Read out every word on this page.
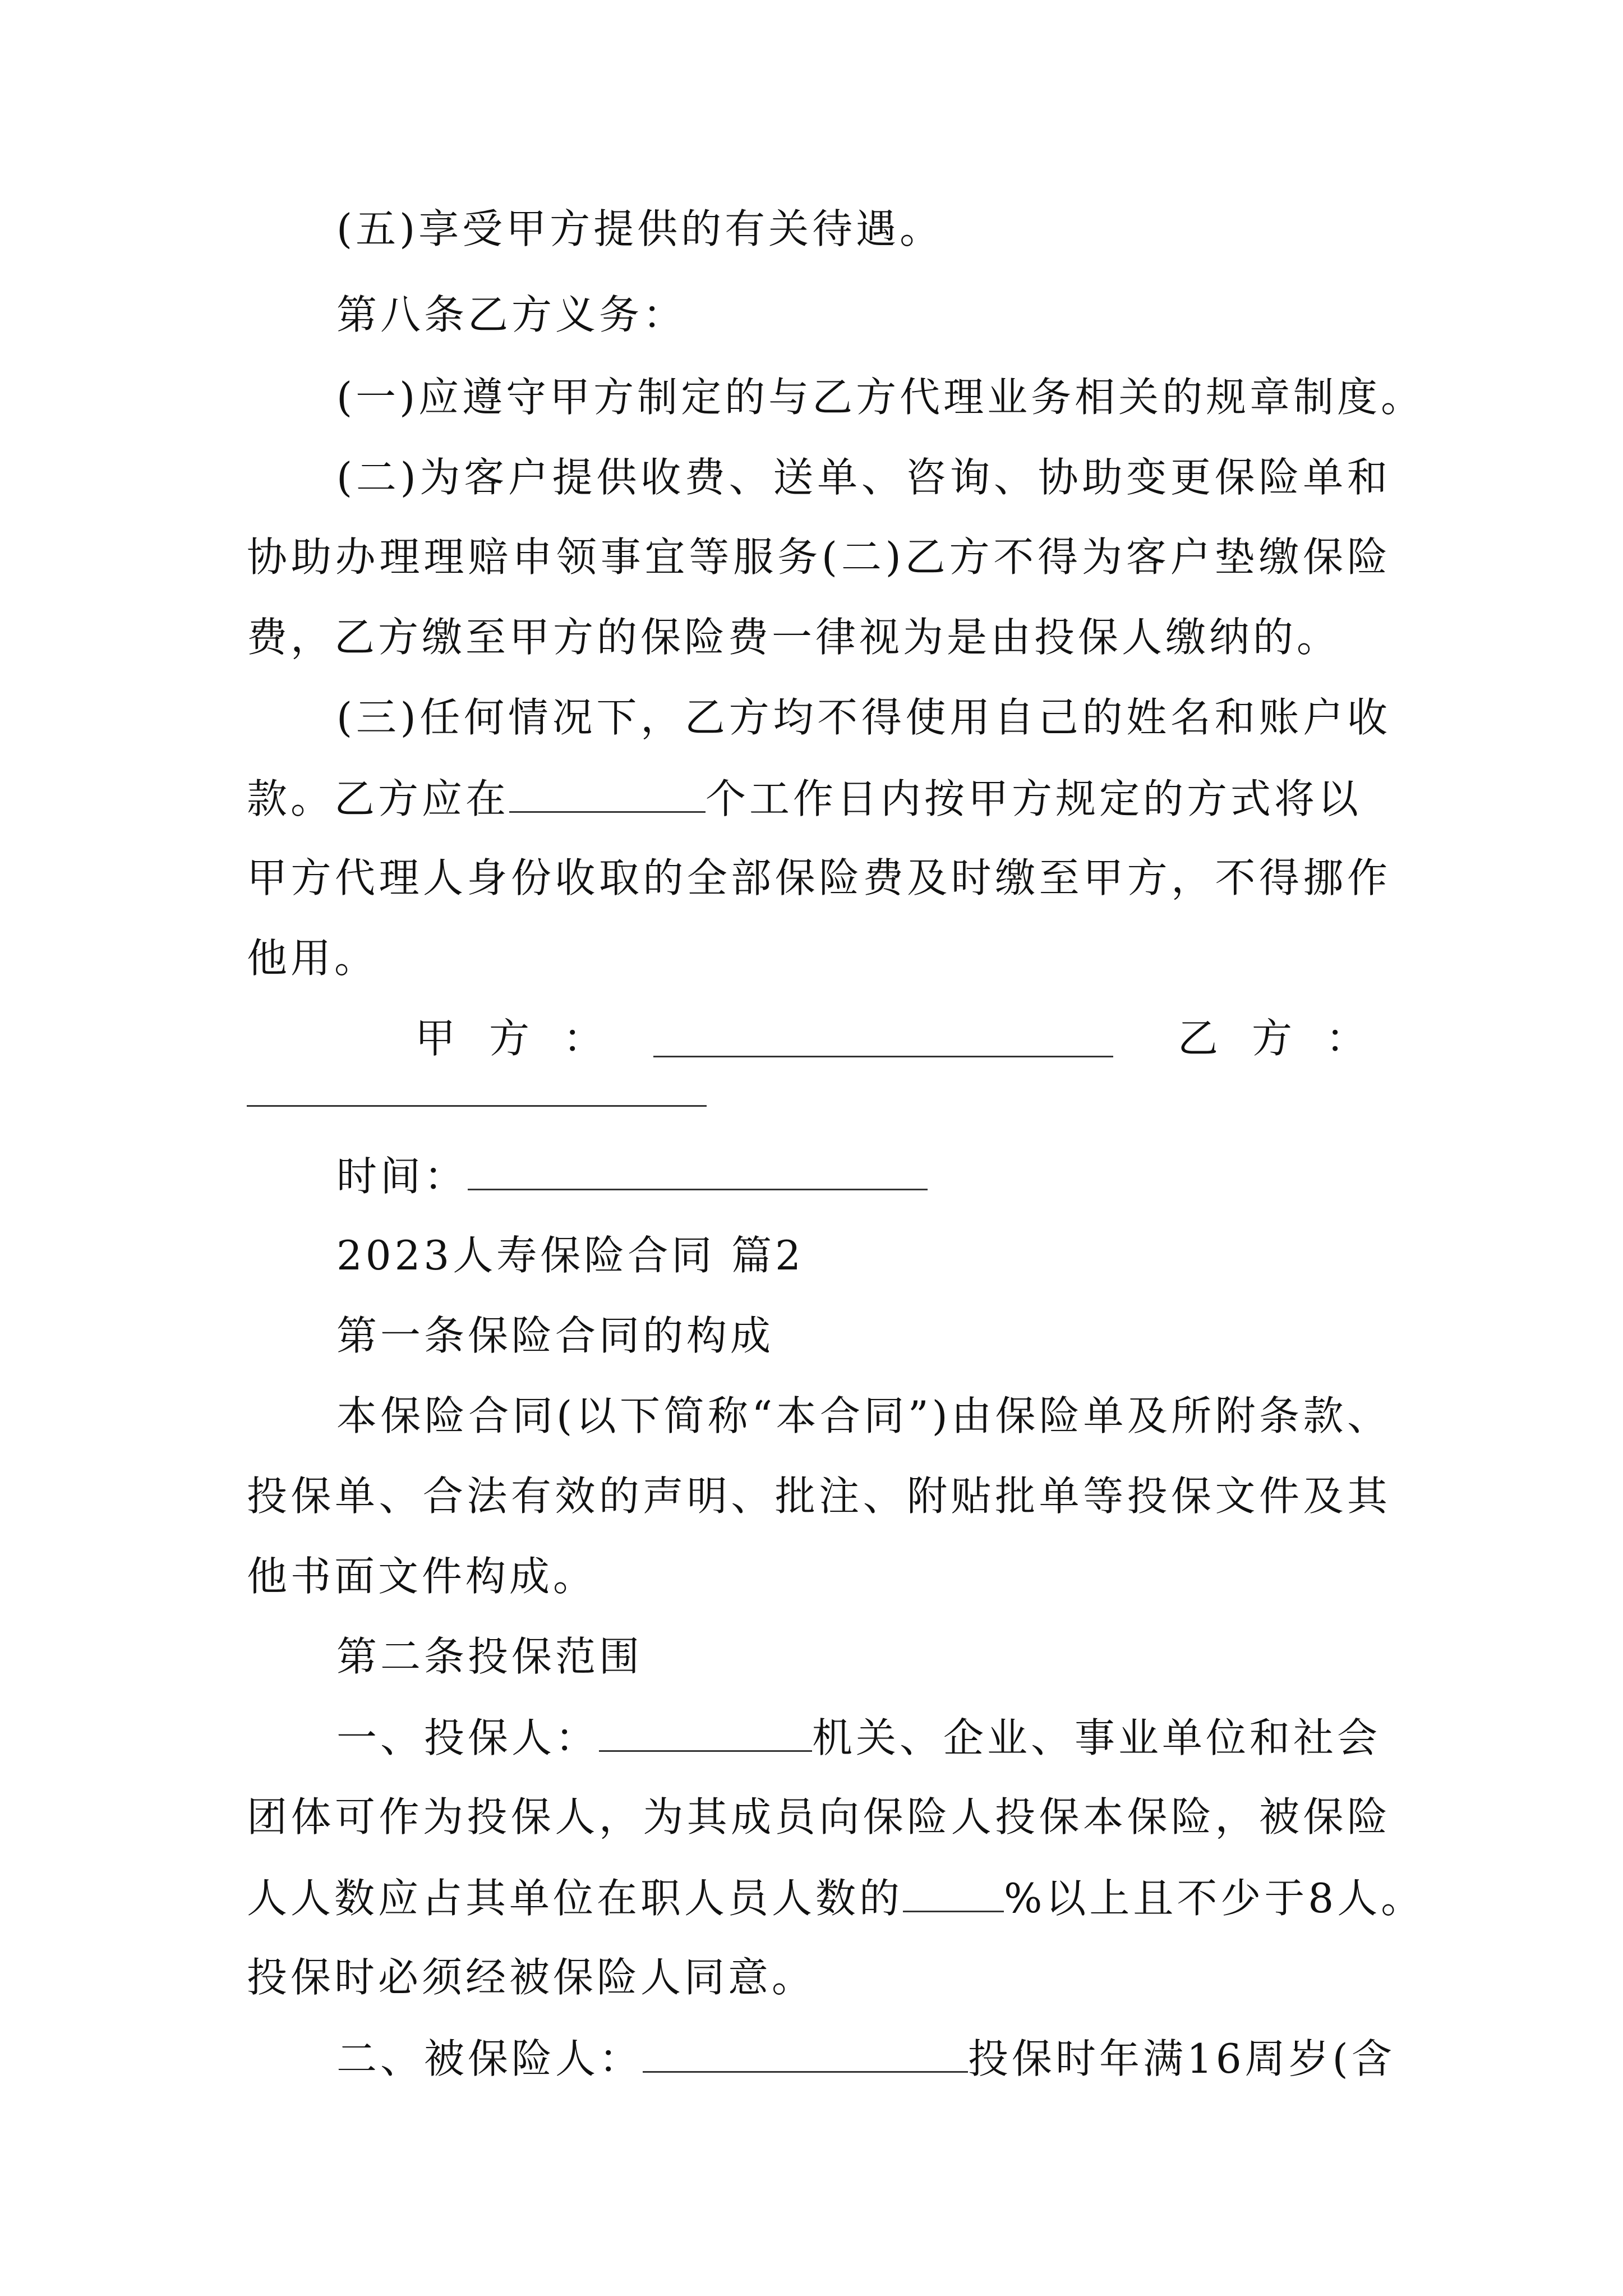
(五)享受甲方提供的有关待遇。
第八条乙方义务：
(一)应遵守甲方制定的与乙方代理业务相关的规章制度。
(二)为客户提供收费、送单、咨询、协助变更保险单和
协助办理理赔申领事宜等服务(二)乙方不得为客户垫缴保险
费，乙方缴至甲方的保险费一律视为是由投保人缴纳的。
(三)任何情况下，乙方均不得使用自己的姓名和账户收
款。乙方应在	个工作日内按甲方规定的方式将以
甲方代理人身份收取的全部保险费及时缴至甲方，不得挪作
他用。
甲方：	乙方：
时间：
2023人寿保险合同 篇2
第一条保险合同的构成
本保险合同(以下简称“本合同”)由保险单及所附条款、
投保单、合法有效的声明、批注、附贴批单等投保文件及其
他书面文件构成。
第二条投保范围
一、投保人：	机关、企业、事业单位和社会
团体可作为投保人，为其成员向保险人投保本保险，被保险
人人数应占其单位在职人员人数的	%以上且不少于8人。
投保时必须经被保险人同意。
二、被保险人：	投保时年满16周岁(含
